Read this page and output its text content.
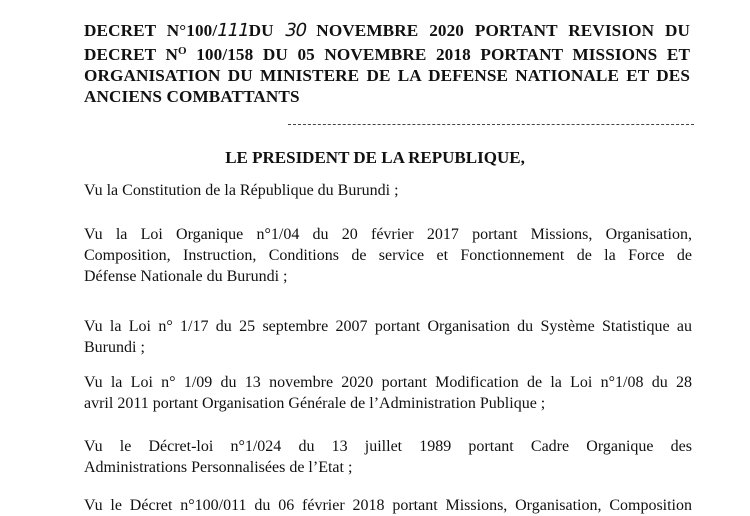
DECRET N°100/111DU 30 NOVEMBRE 2020 PORTANT REVISION DU
DECRET $N^O$ 100/158 DU 05 NOVEMBRE 2018 PORTANT MISSIONS ET
ORGANISATION DU MINISTERE DE LA DEFENSE NATIONALE ET DES
ANCIENS COMBATTANTS
LE PRESIDENT DE LA REPUBLIQUE,
Vu la Constitution de la République du Burundi ;
Vu la Loi Organique n°1/04 du 20 février 2017 portant Missions, Organisation,
Composition, Instruction, Conditions de service et Fonctionnement de la Force de
Défense Nationale du Burundi ;
Vu la Loi n° 1/17 du 25 septembre 2007 portant Organisation du Système Statistique au
Burundi ;
Vu la Loi n° 1/09 du 13 novembre 2020 portant Modification de la Loi n°1/08 du 28
avril 2011 portant Organisation Générale de l’Administration Publique ;
Vu le Décret-loi n°1/024 du 13 juillet 1989 portant Cadre Organique des
Administrations Personnalisées de l’Etat ;
Vu le Décret n°100/011 du 06 février 2018 portant Missions, Organisation, Composition
